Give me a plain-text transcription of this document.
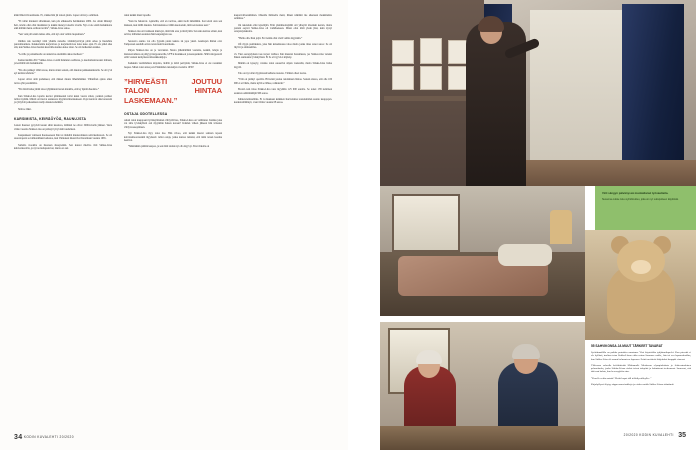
kään lähtevä Karenluana. Ei, vaikka hän jät taloon yksin. Lapset olivat jo omillaan.

”Ei tullut mieleeni silloinkaan, kun päs elikkoselle heitäkuinna 2009. Jos olisin lähtenyt heti, talolle olisi ollut markkinat ja kaikki meneyt toleella tavalla. Nyt ei ole enää markkinoita eikä mitään menu ostilaan tavalla”, Sirkka-Liisa sanoo.

”Sen vain pitä ensin tuntea silta, että nyt olen valmis luopumaan.”

Omhan talo teettänyt töitä yhdelle naiselle. Lämmitysvävyn pitää omaa ja huolehtia purotuhtoumeta. Kakkertaintu korjattavaa ja korjantetttavaa tulee koko ajan. Ei ole pitkä aika sitä, kun Sirkka-Liisa maalasi karettima kannea koko talon. Se oli melkoinen urakka.

”Leville ja palautmeelle on annettava enemmän aikaa itselleen.”

Kantavaäeläin 2017 Sirkka-Liisa ei enää halunnut osallistaa, ja kuottumanvuosien mittaan, ja keväällä tuli markkinoille.

”En oltu pääneyt vähtä stouo, mutta sitten sanoin, että muutan paikkakunnatalla. Se oli tyvä eyi karmia tehdaria.”

Lapset olivat aitiä pudunneet, että miksei muuta lähemmääksi. Vähtefiten ajatus alkoi turvaa yhä paremmilta.

”En mittä halua jättää taloa tyhjäänteni lasten mielelle, että ky lipitän huolatte.”

Kun Sirkka-Liisa lopulta kerttoi päätöksensä iotlsi kaksi vuotta sitten, poikien perheet tulivat kylään. Mitsiti otti kuvat asunnosta myyntii-ilmoitaukseen. Pojat karsivat ulkovarastom ja ryhtyivät paikaamaan taaltja muutevedenhiin.

Siitä se läksi.

KARSIMISTA, KEIRÄÖYÖÄ, RAUNUJSTA

Lasten huoneet pysyivät kauan siinä kuosissa, mihinsä ne olivat 1990-luvulla jääneet. Vasta viime vuosina Sirkka-Liisa on päässyt lyttyä niitä uudelleen.

Kaupunkeen vuittseen huonoeeseen hän toi mökiltä muuterohkaan sohvakalustoon. Se oli suorestaparsi oovimionimäen kalustoa, kun Vainiokan muustrivat Karenluan vuonna 1965.

Samalta vuodelta on huoneen sheeysetkin. Sen kuutoi mielivo tätti Sirkka-Liisa kuluverkorollta, ja nyt ne kulupautuvat, mutta on aun

tanut kaikki muut lapselle.

”Kun he halustvat. Ajattellin, että en tarvitse, enkä tiedä tärkääääin. Kai teistä otan sen mukaan, kun täällä muutan. Sohvakalustoa vähän kuoloelein, mitä sen kanssa teen.”

Sirkka-Liisa otti tarkkaan mierteyn, mitä hän otaa ja mitä jätää. Sen aika kotitaa sötten, kun selvisi, millainen asunnon hän kaupungista saa.

Seuraava asunto voi olla lyyteän piené kaksio tai jopa yksiö. Asuntojen hinnat ovat Tampereen seudulla aivan toista kuin Karenluana.

Paljon Sirkka-Liisa on jo varvannut. Mosta jähenläillänä vaatteita, kenkiä, lelujia ja muistaavamista on pääyyyt kirppautorille, UFF:n haatikkoon ja kaatopaikalle. SPR:n kirppatoril oiltti vastaan keräyskassi klassikkokirjoja.

Kaikkuin vaaltimmista kirjoista, äidiltä ja isiltä peritynää, Sirkka-Liisa ei ole raaskinut luopua. Miten voisi antaa pois Eminäiden tietokirjan vuodelta 1939?

”HIRVEÄSTI JOUTUU TALON HINTAA LASKEMAAN.”
OSTAJA ODOTELLESSA

Alusti talon kauppaani lyväskylälainen välttyvältvaa, Sirkka-Liisaa on vaihdanut. Kuinka joku voi talla lyväskylästä asti myymään halsen kotaan? Kahden vilkon jälkeen hän irtisanoi välttyvaaasopimuen.

Nyt Sirkka-Liisa myy taloa itse. Hän ritvoo, että kaikki meetsi samaan tapaan kolvaisuhoouvaaikiä myydessä: tultui ostaja, jonka kanssa tuntuisi, että nään toisen loualuu neenvot.

”Mikinäikin pääitin kaupaa, ja sen mitä taidan nyt olla myyvyt. Ensi vitkolla on

kauparvahvetanämien. Olkealle ihmiselle meni, hänen näkitäni me aikonaan mokkitumto selmmee.”

On takolekin ollut kyseläjitä. Erän yksinhuoltajääiti otti yhteyttä trisenkin kerran, mutta joutain eeyrsti Sirkka-Liisa oli vamihaokeen. Miten oltoi imäi yksin jäisi, kuin kyvyi ostajatarjokkaalta.

”Hallu olin. Ihan jotjii. En vieään ollut vielä valmis myynnän.”

Ofi myyn puiriikuista, joka hän kalsemuassa taloa mutta jonka mies sanoi saroe: Se oli liiyviä ja ammaettilua.

vä. Yksi oestajatyrkun taas tarjosi vaihtoa: hän muustui Karenlusan, jos Sirkka-Liisa venaisi hänen asuntonna lyväskylässä. Ei Se oli tyyvä ei käyköy.

Mikäin on kyseyty, voisiko talon osuaettvn silpun vuokralin, mutta Sirkka-Liisa halua myydä.

Talo on nyt ollut myyntiessä kahtena ruotena. Välinsä olleet tuolaa.

”Tätä on pitänyt operilla. Hirveästi joutuu taloniinaan hintaa. Sanoin alussa, että alle 100 000 ei oi lähde, mutta kyllä se lähtee, rohkaistin.”

Eisavri.com iinaa Sirkka-Liisa tana myydään 125 000 eurolla. Se toisei 138 neliöisen asunnon oshitimnääjäi 906 euroa.

Kiintewietmaaltima. Ei ts muukaan kalkkien Karvulainsa toteutumiden asunto kauppojen. konkuvatilääntyö, vaan viltme vuonna 68 euroa.

34 KODIN KUVALEHTI 20/2020
Virit sängyn päivänyssä muokaltanut työvaatteita.
Susanna-nukke istuu syhtölouttuu, joka on nyt suksputteen käyttöstä.
55 SAHVIKONSA JA MUUT TÄRKEET TAVARAT

Syötäitmaälilla on paikka portaiden muutama. Yksi käytväälän tyhjiämulinpolvi. Kun piensitä ei ole kyllänä, tuulissa tetaa Sirkka-Liisan vitka vaima Susanna- nukke, hän toi sen lapsuuskoulhta, kun Sirkka-Liisa oli saanut kolmanteen lapsensa. Eristi tarvitinisi lahjoitaksi kauppää eimorat.

Yläkerran sohvalla keiffiittäväät Mishamalle Moskovan olympialaisista ja Jokirvartaskinen pehmokarhu, jonka Sirkka-Liisan viskot toivat talopiini ja kukuttavut toedemaast. Samvrrat, että tätä saat halata, kun kervaryjäöin aina.

”Kenelle nekin antaisi? Elväit laspet täll teikkilyvrikkyllee.”

Kirjahyllyssä löytyy rüppu muuvisahkoja ja esiden mukla Sirkka-Liisan sääntämiä

20/2020 KODIN KUVALEHTI 35
